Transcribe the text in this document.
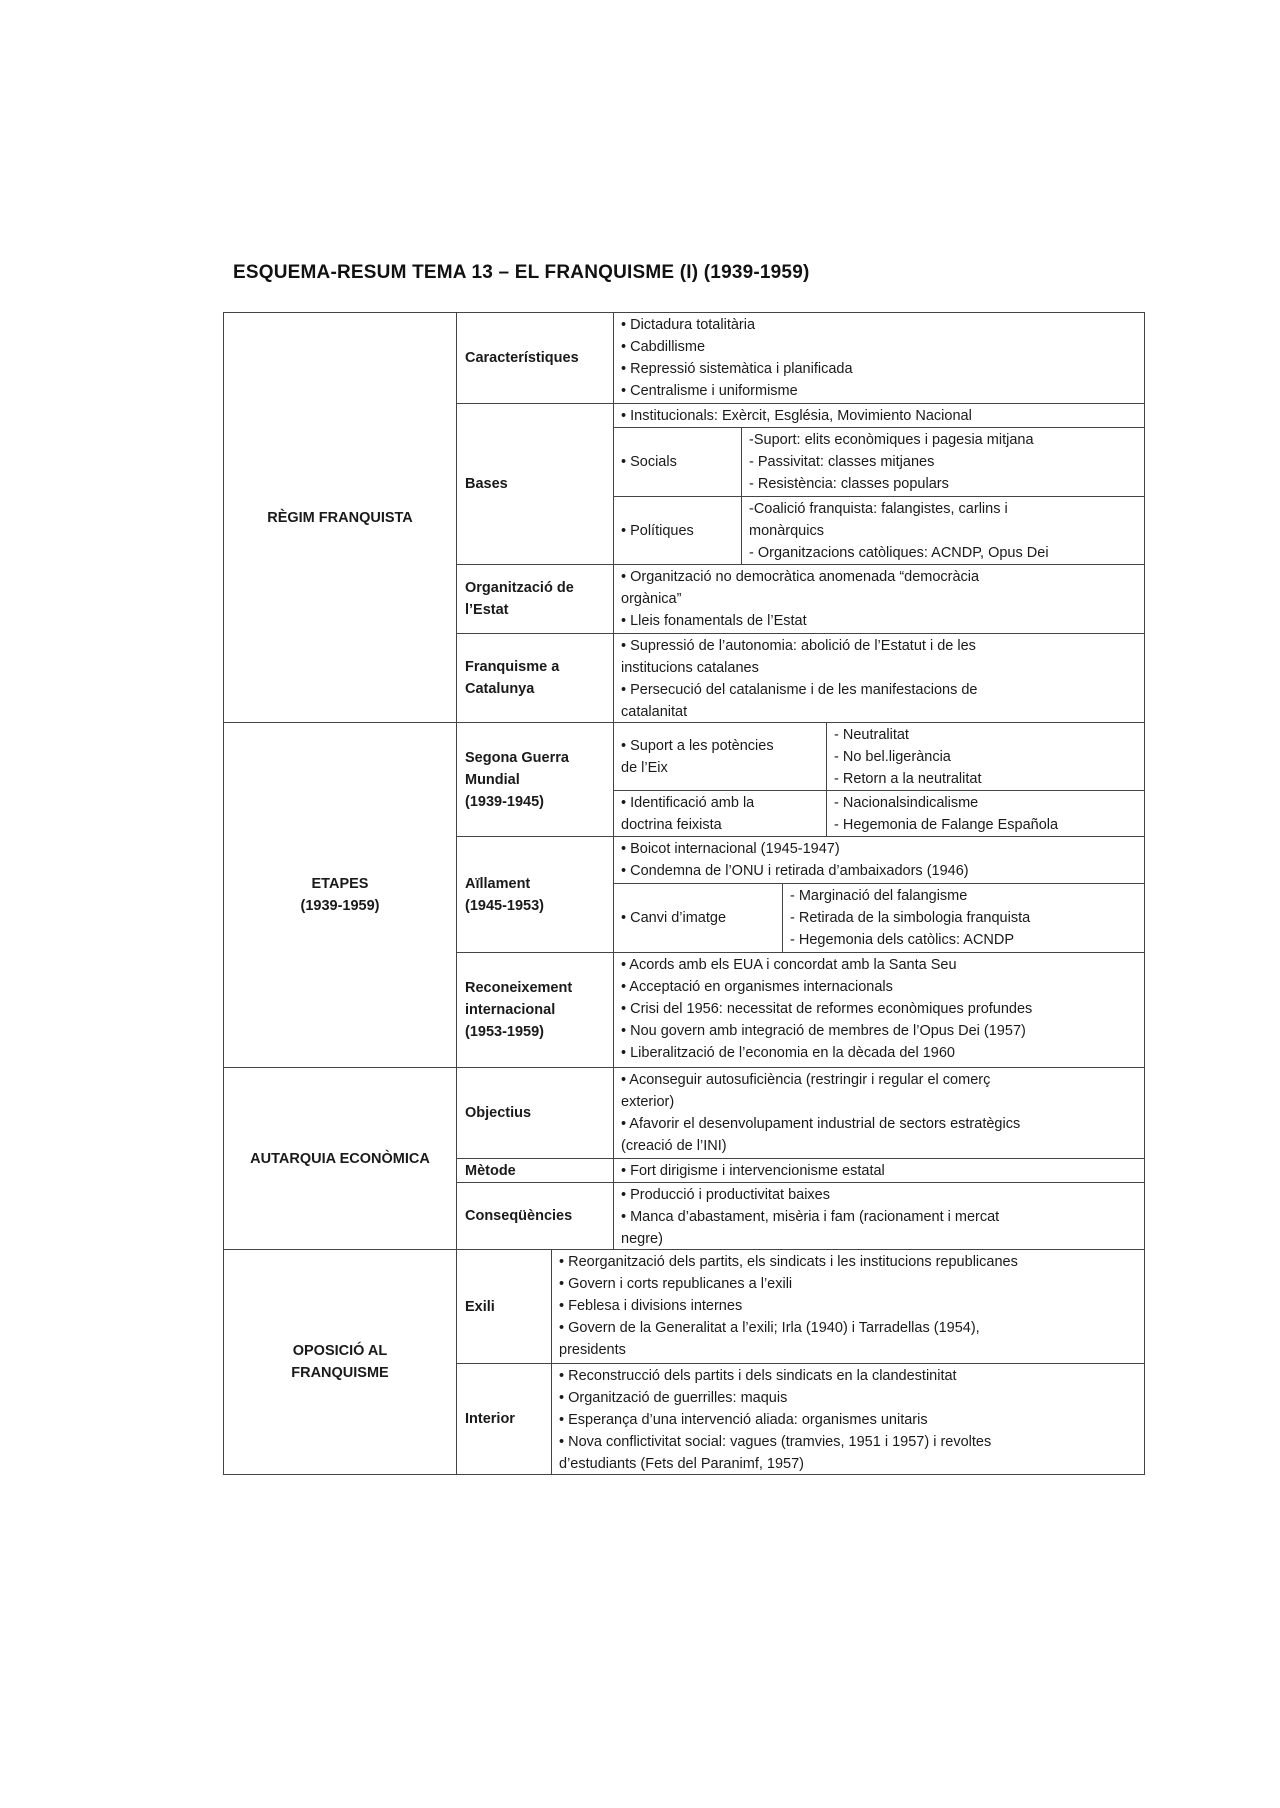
ESQUEMA-RESUM TEMA 13 – EL FRANQUISME (I) (1939-1959)
RÈGIM FRANQUISTA
Característiques
• Dictadura totalitària
• Cabdillisme
• Repressió sistemàtica i planificada
• Centralisme i uniformisme
Bases
• Institucionals: Exèrcit, Església, Movimiento Nacional
• Socials
-Suport: elits econòmiques i pagesia mitjana
- Passivitat: classes mitjanes
- Resistència: classes populars
• Polítiques
-Coalició franquista: falangistes, carlins i
monàrquics
- Organitzacions catòliques: ACNDP, Opus Dei
Organització de
l’Estat
• Organització no democràtica anomenada “democràcia
orgànica”
• Lleis fonamentals de l’Estat
Franquisme a
Catalunya
• Supressió de l’autonomia: abolició de l’Estatut i de les
institucions catalanes
• Persecució del catalanisme i de les manifestacions de
catalanitat
ETAPES
(1939-1959)
Segona Guerra
Mundial
(1939-1945)
• Suport a les potències
de l’Eix
- Neutralitat
- No bel.ligerància
- Retorn a la neutralitat
• Identificació amb la
doctrina feixista
- Nacionalsindicalisme
- Hegemonia de Falange Española
Aïllament
(1945-1953)
• Boicot internacional (1945-1947)
• Condemna de l’ONU i retirada d’ambaixadors (1946)
• Canvi d’imatge
- Marginació del falangisme
- Retirada de la simbologia franquista
- Hegemonia dels catòlics: ACNDP
Reconeixement
internacional
(1953-1959)
• Acords amb els EUA i concordat amb la Santa Seu
• Acceptació en organismes internacionals
• Crisi del 1956: necessitat de reformes econòmiques profundes
• Nou govern amb integració de membres de l’Opus Dei (1957)
• Liberalització de l’economia en la dècada del 1960
AUTARQUIA ECONÒMICA
Objectius
• Aconseguir autosuficiència (restringir i regular el comerç
exterior)
• Afavorir el desenvolupament industrial de sectors estratègics
(creació de l’INI)
Mètode	• Fort dirigisme i intervencionisme estatal
Conseqüències
• Producció i productivitat baixes
• Manca d’abastament, misèria i fam (racionament i mercat
negre)
OPOSICIÓ AL
FRANQUISME
Exili
• Reorganització dels partits, els sindicats i les institucions republicanes
• Govern i corts republicanes a l’exili
• Feblesa i divisions internes
• Govern de la Generalitat a l’exili; Irla (1940) i Tarradellas (1954),
presidents
Interior
• Reconstrucció dels partits i dels sindicats en la clandestinitat
• Organització de guerrilles: maquis
• Esperança d’una intervenció aliada: organismes unitaris
• Nova conflictivitat social: vagues (tramvies, 1951 i 1957) i revoltes
d’estudiants (Fets del Paranimf, 1957)
